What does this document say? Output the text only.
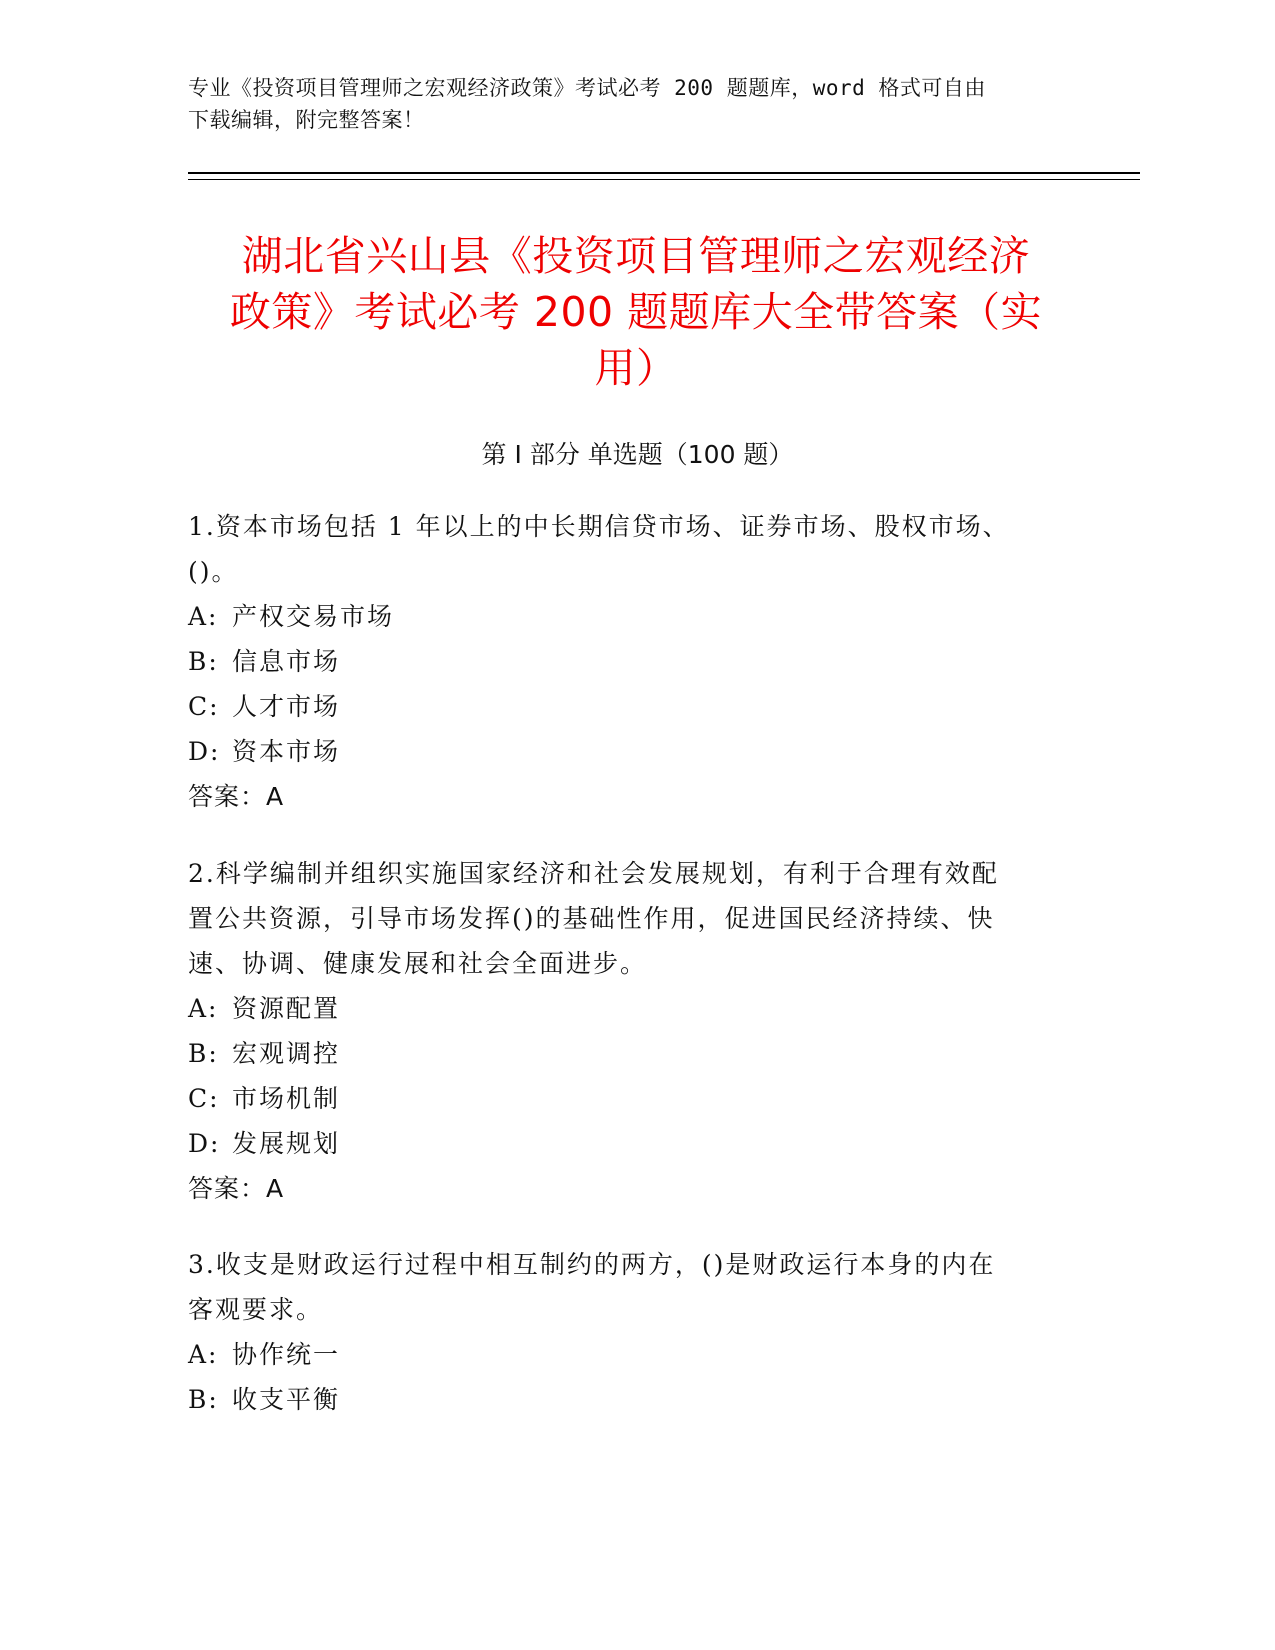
专业《投资项目管理师之宏观经济政策》考试必考 200 题题库，word 格式可自由
下载编辑，附完整答案！
湖北省兴山县《投资项目管理师之宏观经济
政策》考试必考 200 题题库大全带答案（实
用）
第 I 部分 单选题（100 题）

1.资本市场包括 1 年以上的中长期信贷市场、证券市场、股权市场、

()。

A: 产权交易市场

B: 信息市场

C: 人才市场

D: 资本市场

答案：A

2.科学编制并组织实施国家经济和社会发展规划，有利于合理有效配

置公共资源，引导市场发挥()的基础性作用，促进国民经济持续、快

速、协调、健康发展和社会全面进步。

A: 资源配置

B: 宏观调控

C: 市场机制

D: 发展规划

答案：A

3.收支是财政运行过程中相互制约的两方，()是财政运行本身的内在

客观要求。

A: 协作统一

B: 收支平衡
